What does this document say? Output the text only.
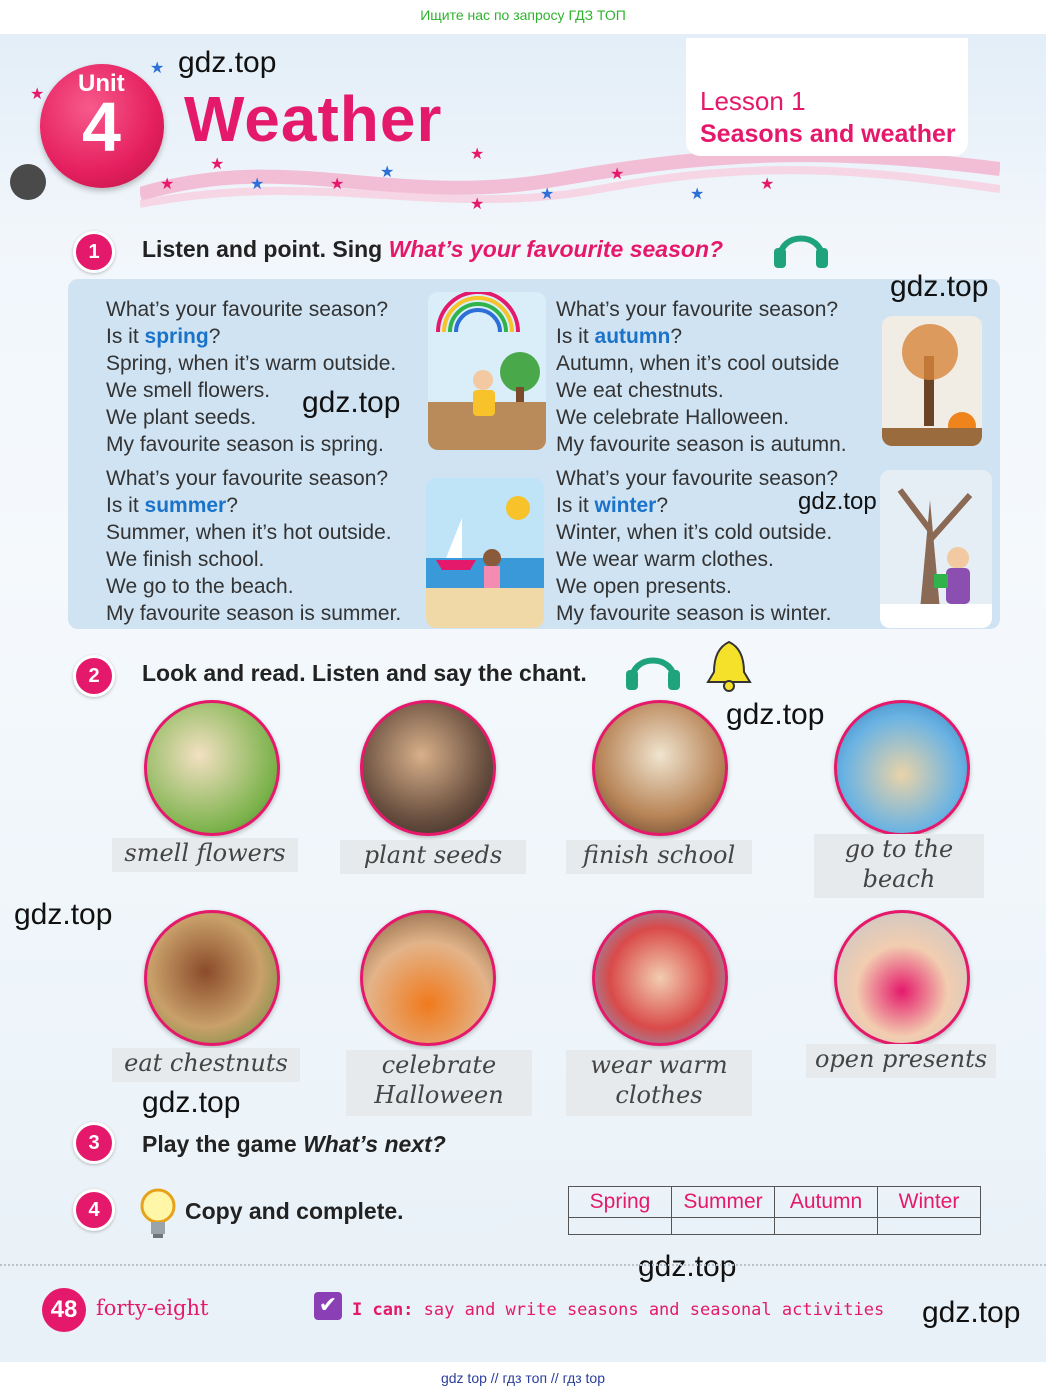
Ищите нас по запросу ГДЗ ТОП
★
★
★
★
★	★
★
★
★
★
★
★
★
Unit
4 Weather	Lesson 1
Seasons and weather
gdz.top
1	Listen and point. Sing What’s your favourite season?
What’s your favourite season?
Is it spring?
Spring, when it’s warm outside.
We smell flowers.
We plant seeds.
My favourite season is spring.
What’s your favourite season?
Is it autumn?
Autumn, when it’s cool outside
We eat chestnuts.
We celebrate Halloween.
My favourite season is autumn.
What’s your favourite season?
Is it summer?
Summer, when it’s hot outside.
We finish school.
We go to the beach.
My favourite season is summer.
What’s your favourite season?
Is it winter?
Winter, when it’s cold outside.
We wear warm clothes.
We open presents.
My favourite season is winter.
gdz.top
gdz.top
gdz.top
2	Look and read. Listen and say the chant.
gdz.top
smell flowers	plant seeds	finish school	go to the beach
gdz.top
eat chestnuts	celebrate Halloween
wear warm clothes
open presents
gdz.top
3	Play the game What’s next?
4	Copy and complete.	Spring	Summer	Autumn	Winter

gdz.top
48 forty-eight	✔ I can: say and write seasons and seasonal activities gdz.top
gdz top // гдз топ // гдз top
